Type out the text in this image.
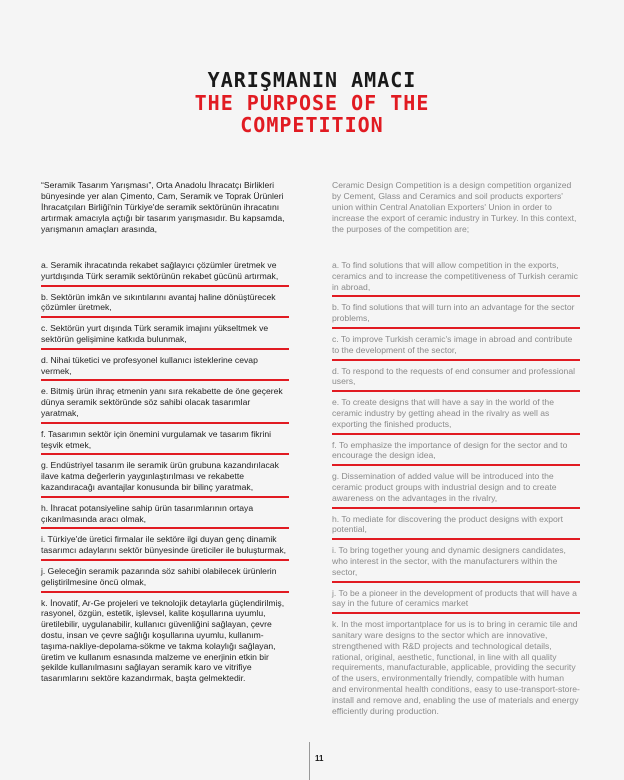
YARIŞMANIN AMACI
THE PURPOSE OF THE
COMPETITION

“Seramik Tasarım Yarışması”, Orta Anadolu İhracatçı Birlikleri bünyesinde yer alan Çimento, Cam, Seramik ve Toprak Ürünleri İhracatçıları Birliği'nin Türkiye'de seramik sektörünün ihracatını artırmak amacıyla açtığı bir tasarım yarışmasıdır. Bu kapsamda, yarışmanın amaçları arasında,

a. Seramik ihracatında rekabet sağlayıcı çözümler üretmek ve yurtdışında Türk seramik sektörünün rekabet gücünü artırmak,
b. Sektörün imkân ve sıkıntılarını avantaj haline dönüştürecek çözümler üretmek,
c. Sektörün yurt dışında Türk seramik imajını yükseltmek ve sektörün gelişimine katkıda bulunmak,
d. Nihai tüketici ve profesyonel kullanıcı isteklerine cevap vermek,
e. Bitmiş ürün ihraç etmenin yanı sıra rekabette de öne geçerek dünya seramik sektöründe söz sahibi olacak tasarımlar yaratmak,
f. Tasarımın sektör için önemini vurgulamak ve tasarım fikrini teşvik etmek,
g. Endüstriyel tasarım ile seramik ürün grubuna kazandırılacak ilave katma değerlerin yaygınlaştırılması ve rekabette kazandıracağı avantajlar konusunda bir bilinç yaratmak,
h. İhracat potansiyeline sahip ürün tasarımlarının ortaya çıkarılmasında aracı olmak,
i. Türkiye'de üretici firmalar ile sektöre ilgi duyan genç dinamik tasarımcı adaylarını sektör bünyesinde üreticiler ile buluşturmak,
j. Geleceğin seramik pazarında söz sahibi olabilecek ürünlerin geliştirilmesine öncü olmak,
k. İnovatif, Ar-Ge projeleri ve teknolojik detaylarla güçlendirilmiş, rasyonel, özgün, estetik, işlevsel, kalite koşullarına uyumlu, üretilebilir, uygulanabilir, kullanıcı güvenliğini sağlayan, çevre dostu, insan ve çevre sağlığı koşullarına uyumlu, kullanım-taşıma-nakliye-depolama-sökme ve takma kolaylığı sağlayan, üretim ve kullanım esnasında malzeme ve enerjinin etkin bir şekilde kullanılmasını sağlayan seramik karo ve vitrifiye tasarımlarını sektöre kazandırmak, başta gelmektedir.

Ceramic Design Competition is a design competition organized by Cement, Glass and Ceramics and soil products exporters' union within Central Anatolian Exporters' Union in order to increase the export of ceramic industry in Turkey. In this context, the purposes of the competition are;

a. To find solutions that will allow competition in the exports, ceramics and to increase the competitiveness of Turkish ceramic in abroad,
b. To find solutions that will turn into an advantage for the sector problems,
c. To improve Turkish ceramic's image in abroad and contribute to the development of the sector,
d. To respond to the requests of end consumer and professional users,
e. To create designs that will have a say in the world of the ceramic industry by getting ahead in the rivalry as well as exporting the finished products,
f. To emphasize the importance of design for the sector and to encourage the design idea,
g. Dissemination of added value will be introduced into the ceramic product groups with industrial design and to create awareness on the advantages in the rivalry,
h. To mediate for discovering the product designs with export potential,
i. To bring together young and dynamic designers candidates, who interest in the sector, with the manufacturers within the sector,
j. To be a pioneer in the development of products that will have a say in the future of ceramics market
k. In the most importantplace for us is to bring in ceramic tile and sanitary ware designs to the sector which are innovative, strengthened with R&D projects and technological details, rational, original, aesthetic, functional, in line with all quality requirements, manufacturable, applicable, providing the security of the users, environmentally friendly, compatible with human and environmental health conditions, easy to use-transport-store-install and remove and, enabling the use of materials and energy efficiently during production.
11
